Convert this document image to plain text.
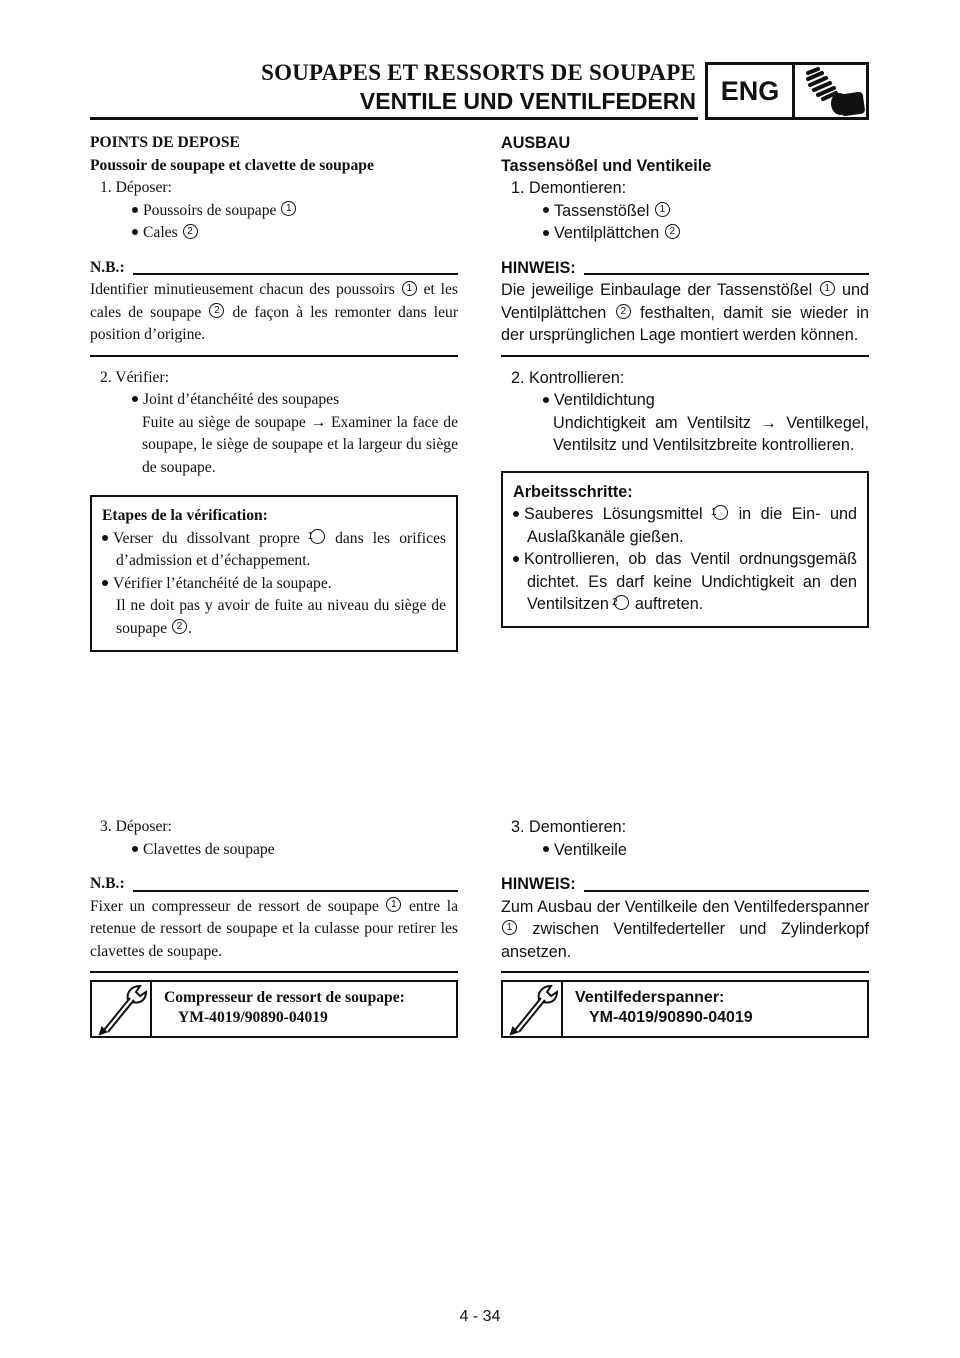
SOUPAPES ET RESSORTS DE SOUPAPE
VENTILE UND VENTILFEDERN ENG

POINTS DE DEPOSE

Poussoir de soupape et clavette de soupape

1. Déposer:

Poussoirs de soupape 1

Cales 2

N.B.:

Identifier minutieusement chacun des poussoirs 1 et les cales de soupape 2 de façon à les remonter dans leur position d’origine.

2. Vérifier:

Joint d’étanchéité des soupapes

Fuite au siège de soupape → Examiner la face de soupape, le siège de soupape et la largeur du siège de soupape.

Etapes de la vérification:

Verser du dissolvant propre 1 dans les orifices d’admission et d’échappement.

Vérifier l’étanchéité de la soupape.

Il ne doit pas y avoir de fuite au niveau du siège de soupape 2 .

3. Déposer:

Clavettes de soupape

N.B.:

Fixer un compresseur de ressort de soupape 1 entre la retenue de ressort de soupape et la culasse pour retirer les clavettes de soupape.

Compresseur de ressort de soupape:
YM-4019/90890-04019

AUSBAU

Tassensößel und Ventikeile

1. Demontieren:

Tassenstößel 1

Ventilplättchen 2

HINWEIS:

Die jeweilige Einbaulage der Tassenstößel 1 und Ventilplättchen 2 festhalten, damit sie wieder in der ursprünglichen Lage montiert werden können.

2. Kontrollieren:

Ventildichtung

Undichtigkeit am Ventilsitz → Ventilkegel, Ventilsitz und Ventilsitzbreite kontrollieren.

Arbeitsschritte:

Sauberes Lösungsmittel 1 in die Ein- und Auslaßkanäle gießen.

Kontrollieren, ob das Ventil ordnungsgemäß dichtet. Es darf keine Undichtigkeit an den Ventilsitzen 2 auftreten.

3. Demontieren:

Ventilkeile

HINWEIS:

Zum Ausbau der Ventilkeile den Ventilfederspanner 1 zwischen Ventilfederteller und Zylinderkopf ansetzen.

Ventilfederspanner:
YM-4019/90890-04019
4 - 34
